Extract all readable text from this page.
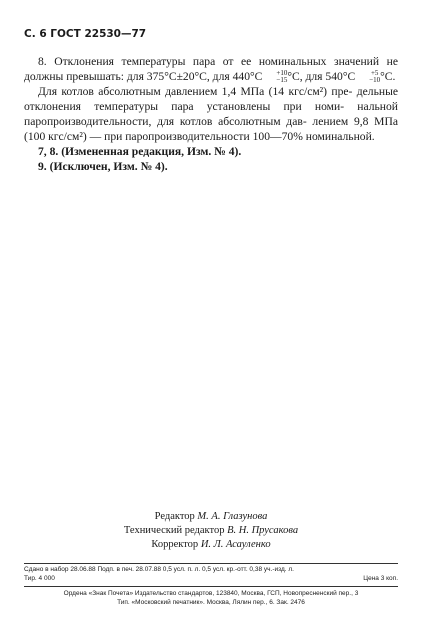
С. 6 ГОСТ 22530—77

8. Отклонения температуры пара от ее номинальных значений не должны превышать: для 375°С±20°С, для 440°С	+10
−15 °С, для 540°С	+5
−10 °С.

Для котлов абсолютным давлением 1,4 МПа (14 кгс/см²) пре- дельные отклонения температуры пара установлены при номи- нальной паропроизводительности, для котлов абсолютным дав- лением 9,8 МПа (100 кгс/см²) — при паропроизводительности 100—70% номинальной.

7, 8. (Измененная редакция, Изм. № 4).

9. (Исключен, Изм. № 4).

Редактор М. А. Глазунова
Технический редактор В. Н. Прусакова
Корректор И. Л. Асауленко
Сдано в набор 28.06.88 Подп. в печ. 28.07.88 0,5 усл. п. л. 0,5 усл. кр.-отт. 0,38 уч.-изд. л.
Тир. 4 000	Цена 3 коп.
Ордена «Знак Почета» Издательство стандартов, 123840, Москва, ГСП, Новопресненский пер., 3
Тип. «Московский печатник». Москва, Лялин пер., 6. Зак. 2476
